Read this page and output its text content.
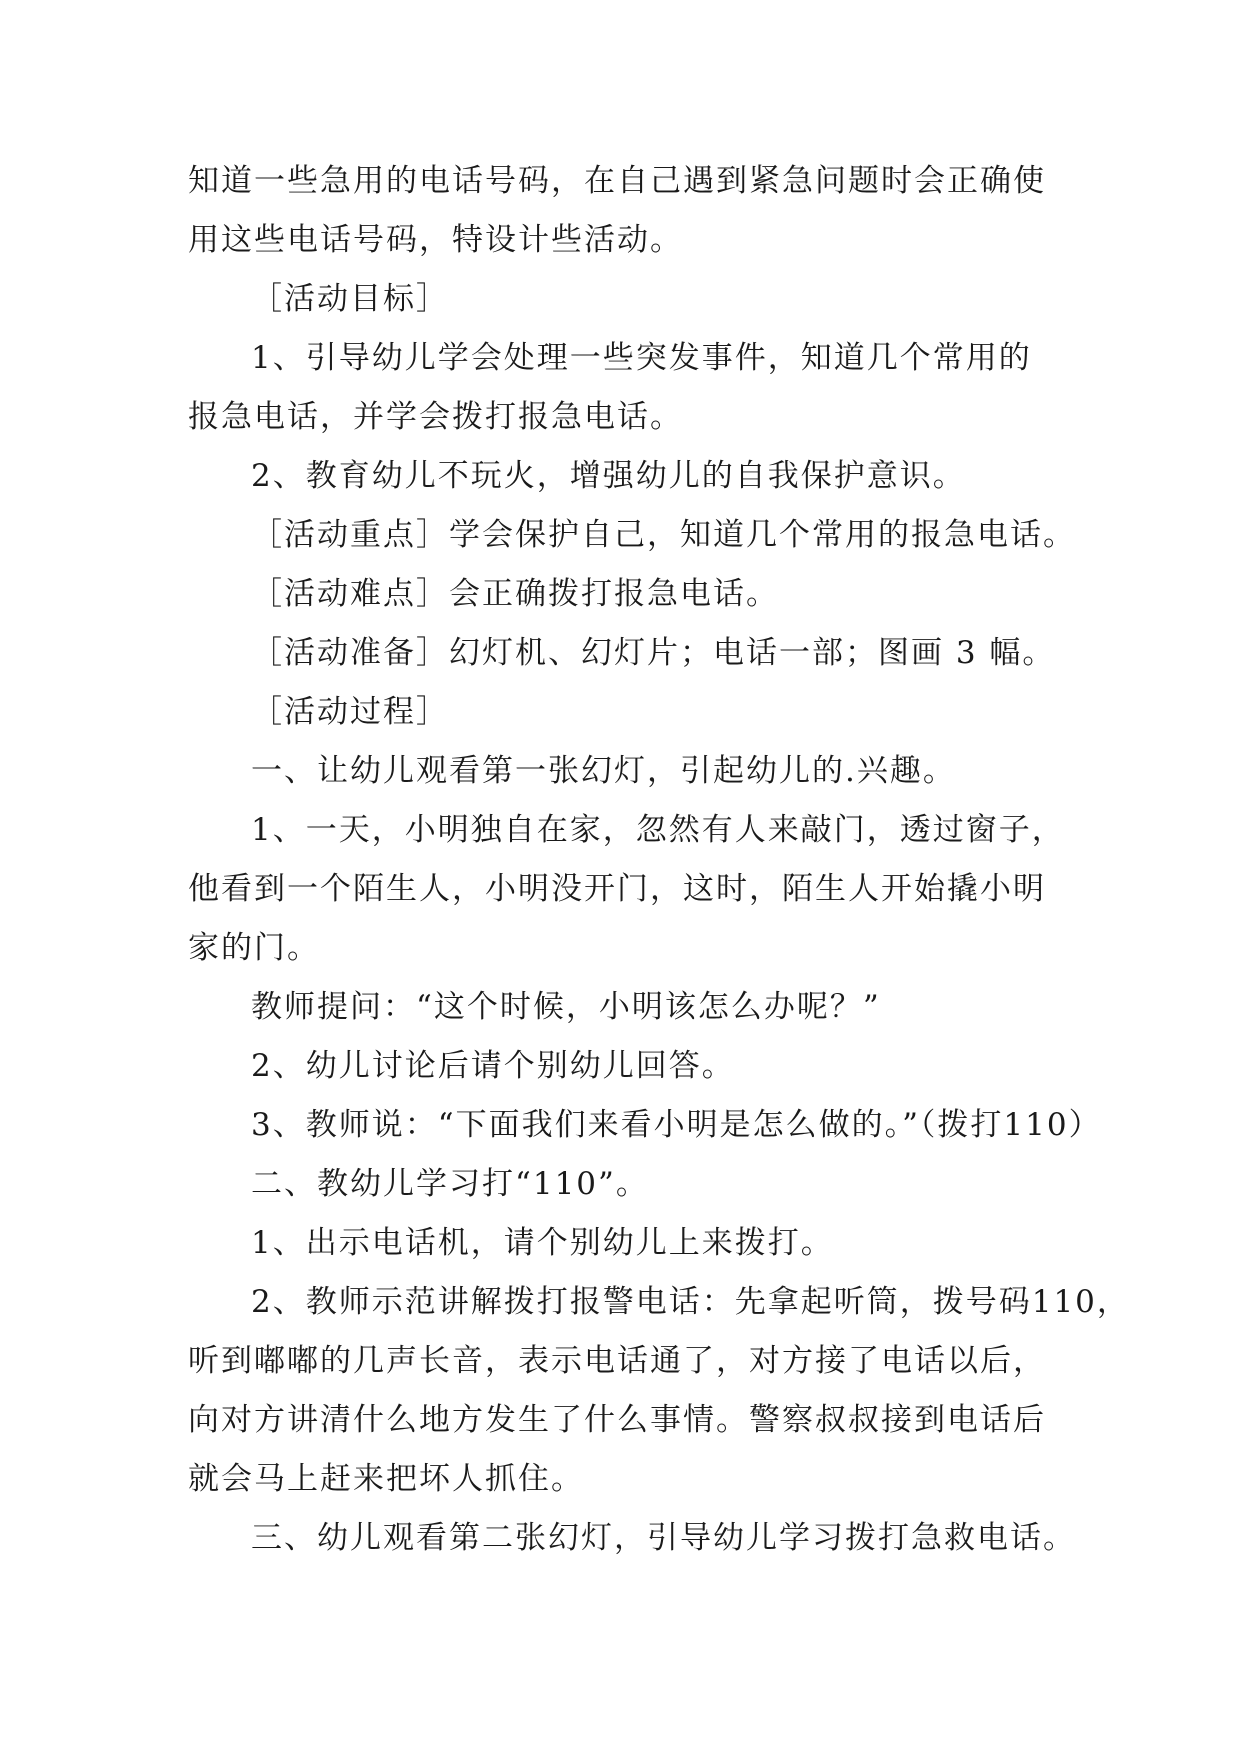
知道一些急用的电话号码，在自己遇到紧急问题时会正确使

用这些电话号码，特设计些活动。

［活动目标］

1、引导幼儿学会处理一些突发事件，知道几个常用的

报急电话，并学会拨打报急电话。

2、教育幼儿不玩火，增强幼儿的自我保护意识。

［活动重点］学会保护自己，知道几个常用的报急电话。

［活动难点］会正确拨打报急电话。

［活动准备］幻灯机、幻灯片；电话一部；图画 3 幅。

［活动过程］

一、让幼儿观看第一张幻灯，引起幼儿的.兴趣。

1、一天，小明独自在家，忽然有人来敲门，透过窗子，

他看到一个陌生人，小明没开门，这时，陌生人开始撬小明

家的门。

教师提问：“这个时候，小明该怎么办呢？”

2、幼儿讨论后请个别幼儿回答。

3、教师说：“下面我们来看小明是怎么做的。”（拨打110）

二、教幼儿学习打“110”。

1、出示电话机，请个别幼儿上来拨打。

2、教师示范讲解拨打报警电话：先拿起听筒，拨号码110，

听到嘟嘟的几声长音，表示电话通了，对方接了电话以后，

向对方讲清什么地方发生了什么事情。警察叔叔接到电话后

就会马上赶来把坏人抓住。

三、幼儿观看第二张幻灯，引导幼儿学习拨打急救电话。
